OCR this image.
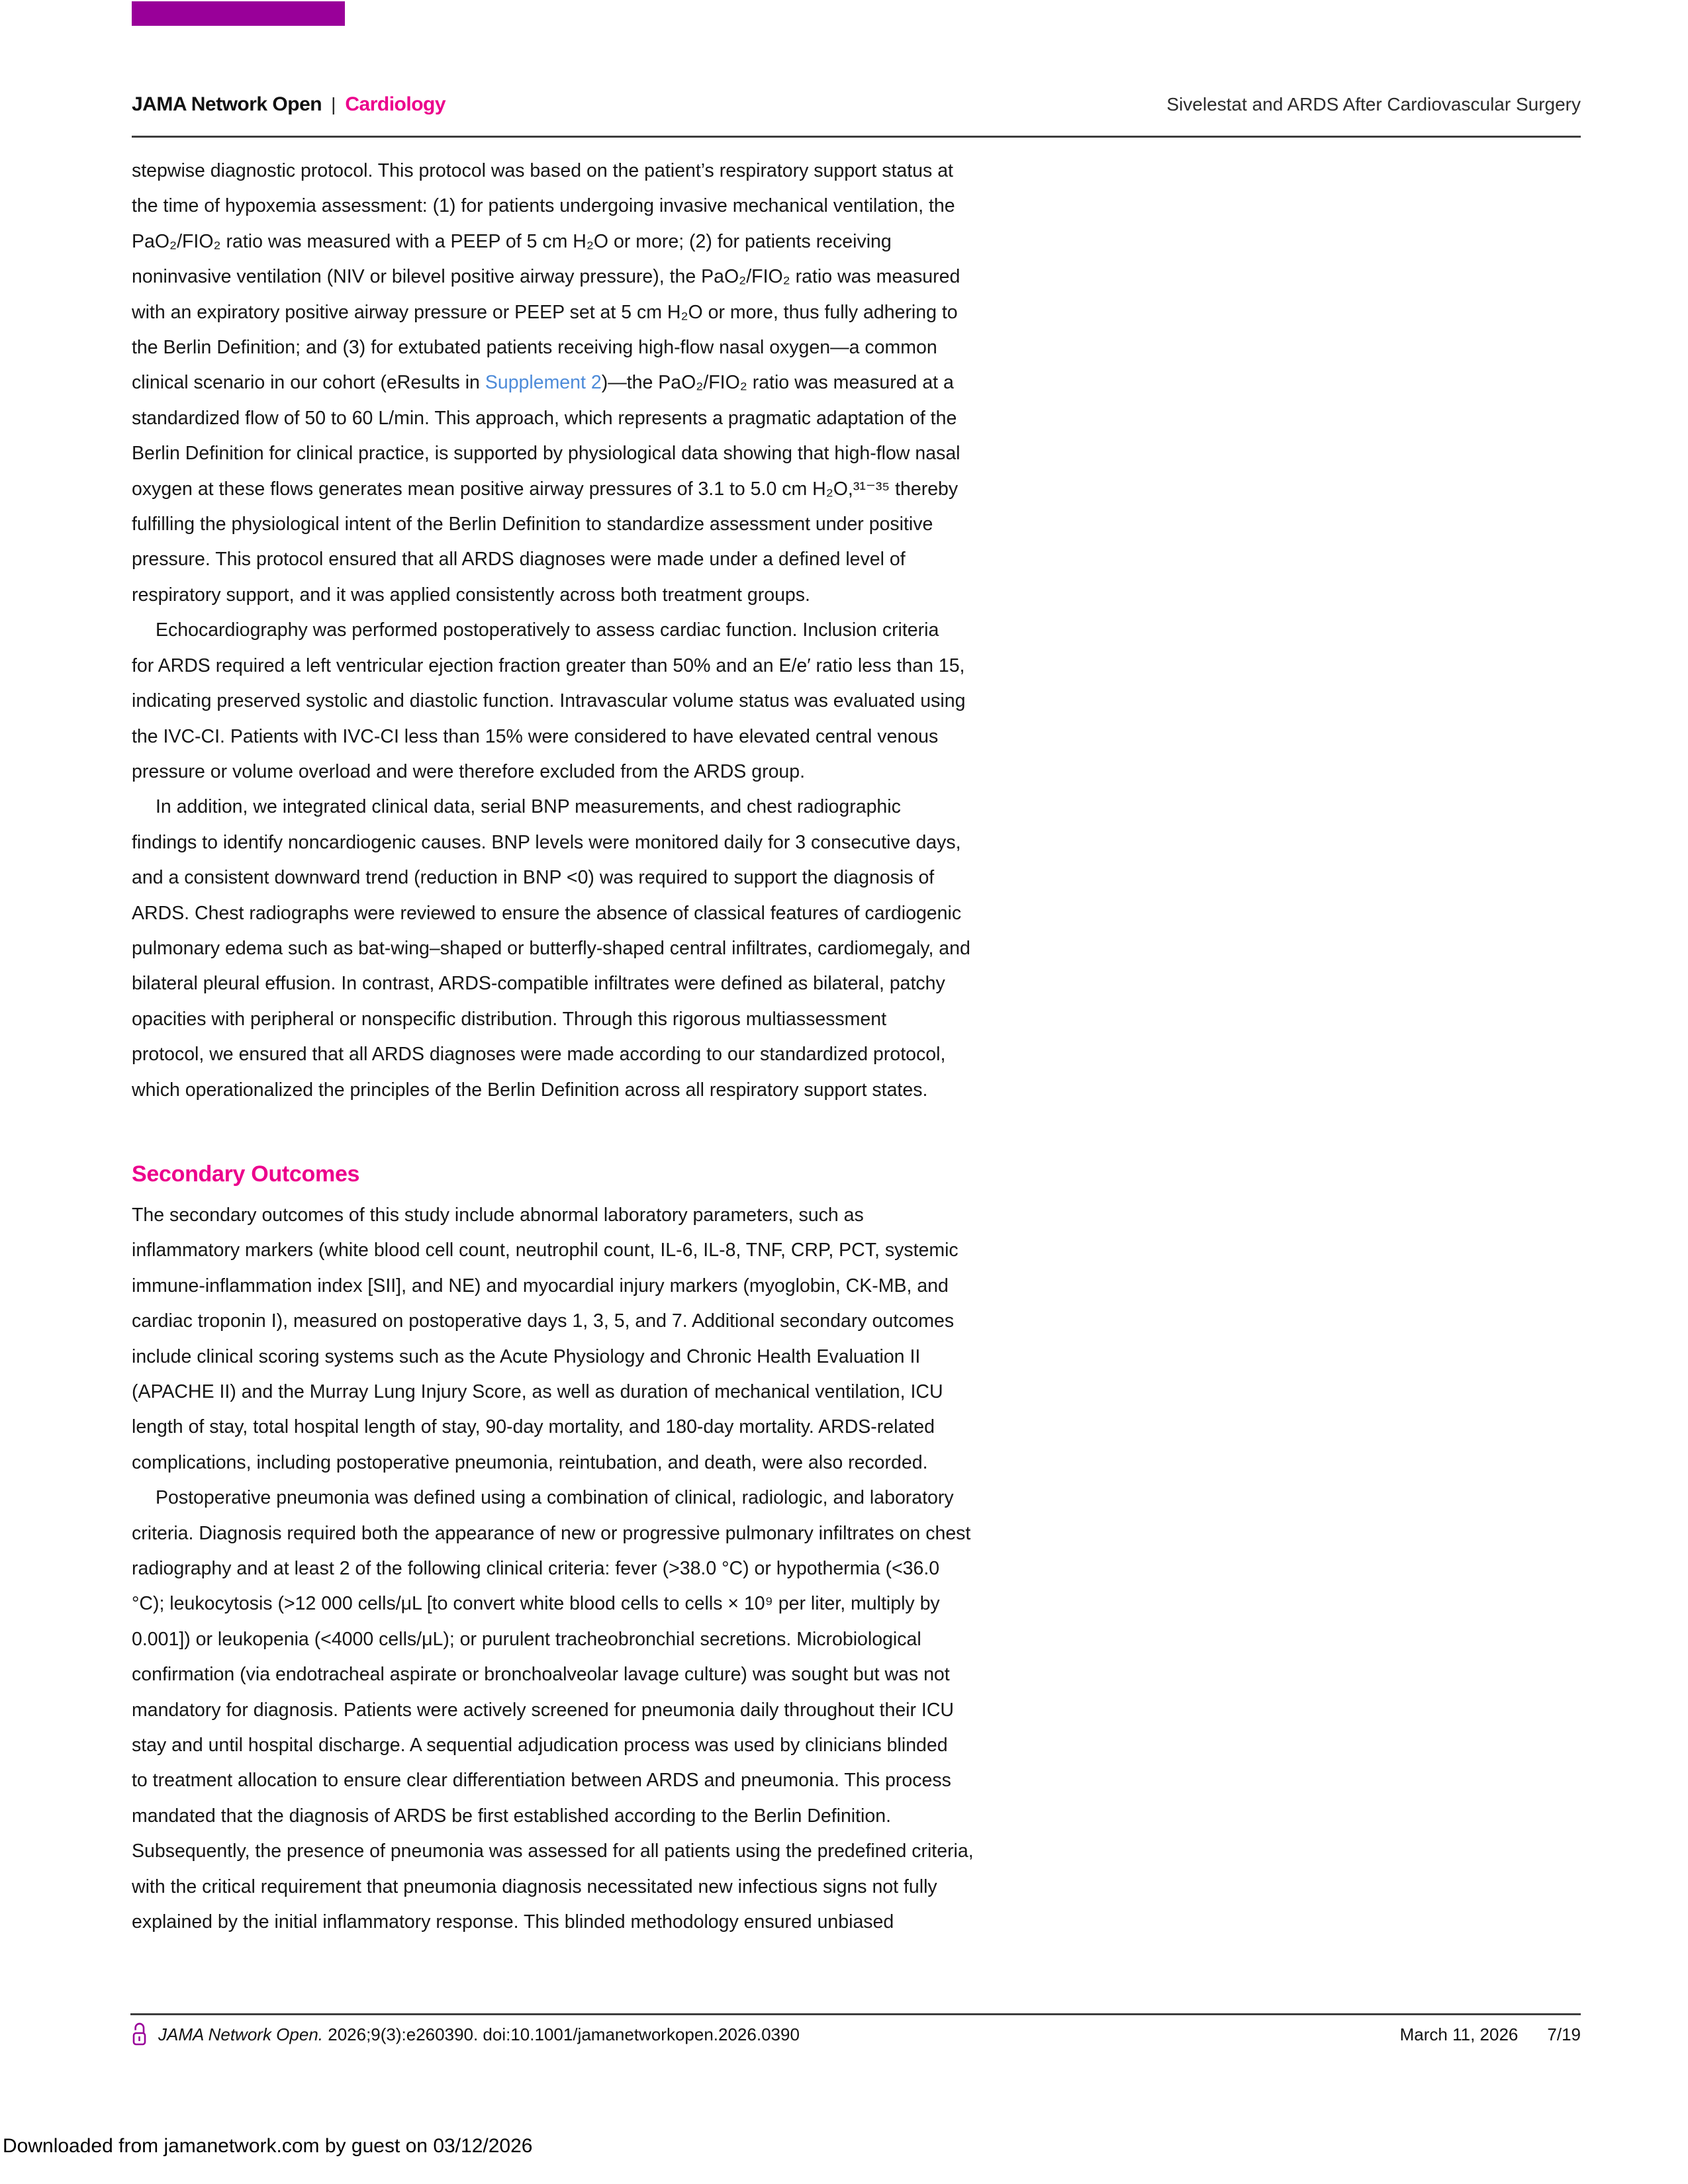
JAMA Network Open | Cardiology	Sivelestat and ARDS After Cardiovascular Surgery

stepwise diagnostic protocol. This protocol was based on the patient’s respiratory support status at
the time of hypoxemia assessment: (1) for patients undergoing invasive mechanical ventilation, the
PaO₂/FIO₂ ratio was measured with a PEEP of 5 cm H₂O or more; (2) for patients receiving
noninvasive ventilation (NIV or bilevel positive airway pressure), the PaO₂/FIO₂ ratio was measured
with an expiratory positive airway pressure or PEEP set at 5 cm H₂O or more, thus fully adhering to
the Berlin Definition; and (3) for extubated patients receiving high-flow nasal oxygen—a common
clinical scenario in our cohort (eResults in Supplement 2)—the PaO₂/FIO₂ ratio was measured at a
standardized flow of 50 to 60 L/min. This approach, which represents a pragmatic adaptation of the
Berlin Definition for clinical practice, is supported by physiological data showing that high-flow nasal
oxygen at these flows generates mean positive airway pressures of 3.1 to 5.0 cm H₂O,³¹⁻³⁵ thereby
fulfilling the physiological intent of the Berlin Definition to standardize assessment under positive
pressure. This protocol ensured that all ARDS diagnoses were made under a defined level of
respiratory support, and it was applied consistently across both treatment groups.

Echocardiography was performed postoperatively to assess cardiac function. Inclusion criteria
for ARDS required a left ventricular ejection fraction greater than 50% and an E/e′ ratio less than 15,
indicating preserved systolic and diastolic function. Intravascular volume status was evaluated using
the IVC-CI. Patients with IVC-CI less than 15% were considered to have elevated central venous
pressure or volume overload and were therefore excluded from the ARDS group.

In addition, we integrated clinical data, serial BNP measurements, and chest radiographic
findings to identify noncardiogenic causes. BNP levels were monitored daily for 3 consecutive days,
and a consistent downward trend (reduction in BNP <0) was required to support the diagnosis of
ARDS. Chest radiographs were reviewed to ensure the absence of classical features of cardiogenic
pulmonary edema such as bat-wing–shaped or butterfly-shaped central infiltrates, cardiomegaly, and
bilateral pleural effusion. In contrast, ARDS-compatible infiltrates were defined as bilateral, patchy
opacities with peripheral or nonspecific distribution. Through this rigorous multiassessment
protocol, we ensured that all ARDS diagnoses were made according to our standardized protocol,
which operationalized the principles of the Berlin Definition across all respiratory support states.

Secondary Outcomes

The secondary outcomes of this study include abnormal laboratory parameters, such as
inflammatory markers (white blood cell count, neutrophil count, IL-6, IL-8, TNF, CRP, PCT, systemic
immune-inflammation index [SII], and NE) and myocardial injury markers (myoglobin, CK-MB, and
cardiac troponin I), measured on postoperative days 1, 3, 5, and 7. Additional secondary outcomes
include clinical scoring systems such as the Acute Physiology and Chronic Health Evaluation II
(APACHE II) and the Murray Lung Injury Score, as well as duration of mechanical ventilation, ICU
length of stay, total hospital length of stay, 90-day mortality, and 180-day mortality. ARDS-related
complications, including postoperative pneumonia, reintubation, and death, were also recorded.

Postoperative pneumonia was defined using a combination of clinical, radiologic, and laboratory
criteria. Diagnosis required both the appearance of new or progressive pulmonary infiltrates on chest
radiography and at least 2 of the following clinical criteria: fever (>38.0 °C) or hypothermia (<36.0
°C); leukocytosis (>12 000 cells/μL [to convert white blood cells to cells × 10⁹ per liter, multiply by
0.001]) or leukopenia (<4000 cells/μL); or purulent tracheobronchial secretions. Microbiological
confirmation (via endotracheal aspirate or bronchoalveolar lavage culture) was sought but was not
mandatory for diagnosis. Patients were actively screened for pneumonia daily throughout their ICU
stay and until hospital discharge. A sequential adjudication process was used by clinicians blinded
to treatment allocation to ensure clear differentiation between ARDS and pneumonia. This process
mandated that the diagnosis of ARDS be first established according to the Berlin Definition.
Subsequently, the presence of pneumonia was assessed for all patients using the predefined criteria,
with the critical requirement that pneumonia diagnosis necessitated new infectious signs not fully
explained by the initial inflammatory response. This blinded methodology ensured unbiased

JAMA Network Open. 2026;9(3):e260390. doi:10.1001/jamanetworkopen.2026.0390	March 11, 2026 7/19
Downloaded from jamanetwork.com by guest on 03/12/2026
